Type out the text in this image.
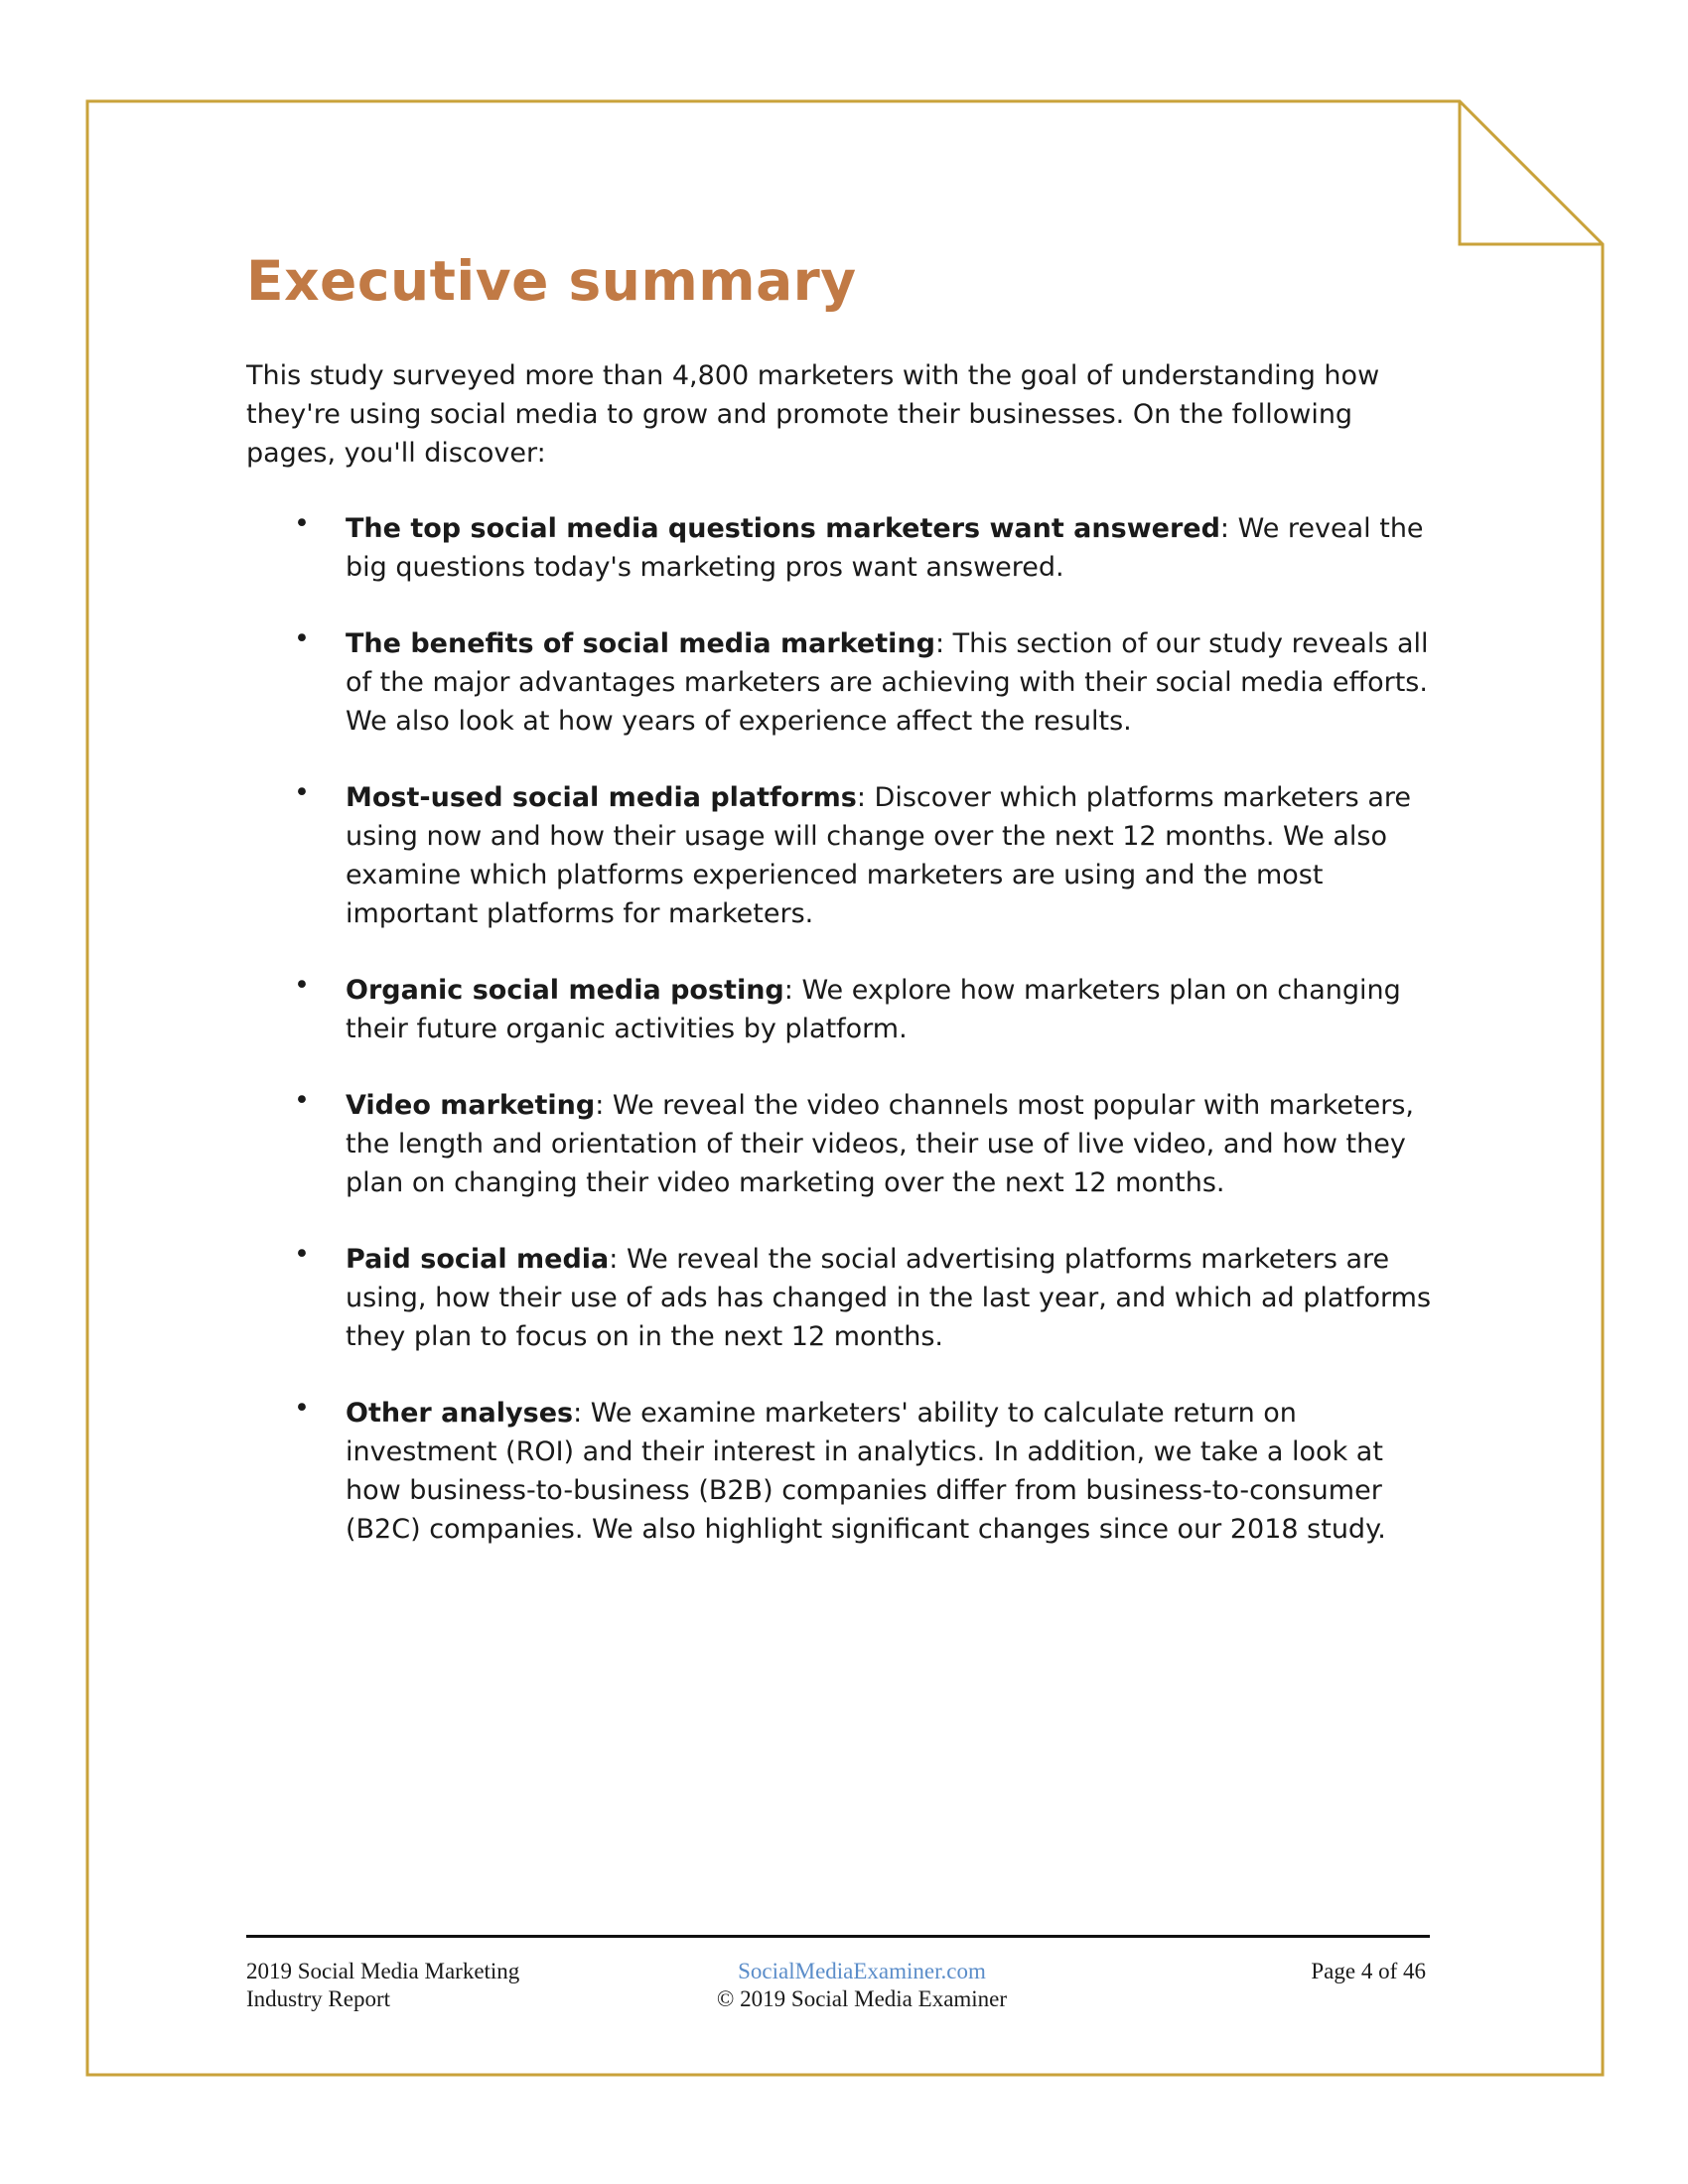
Executive summary

This study surveyed more than 4,800 marketers with the goal of understanding how they're using social media to grow and promote their businesses. On the following pages, you'll discover:

• The top social media questions marketers want answered: We reveal the big questions today's marketing pros want answered.
• The benefits of social media marketing: This section of our study reveals all of the major advantages marketers are achieving with their social media efforts. We also look at how years of experience affect the results.
• Most-used social media platforms: Discover which platforms marketers are using now and how their usage will change over the next 12 months. We also examine which platforms experienced marketers are using and the most important platforms for marketers.
• Organic social media posting: We explore how marketers plan on changing their future organic activities by platform.
• Video marketing: We reveal the video channels most popular with marketers, the length and orientation of their videos, their use of live video, and how they plan on changing their video marketing over the next 12 months.
• Paid social media: We reveal the social advertising platforms marketers are using, how their use of ads has changed in the last year, and which ad platforms they plan to focus on in the next 12 months.
• Other analyses: We examine marketers' ability to calculate return on investment (ROI) and their interest in analytics. In addition, we take a look at how business-to-business (B2B) companies differ from business-to-consumer (B2C) companies. We also highlight significant changes since our 2018 study.
2019 Social Media Marketing
Industry Report
SocialMediaExaminer.com
© 2019 Social Media Examiner
Page 4 of 46
